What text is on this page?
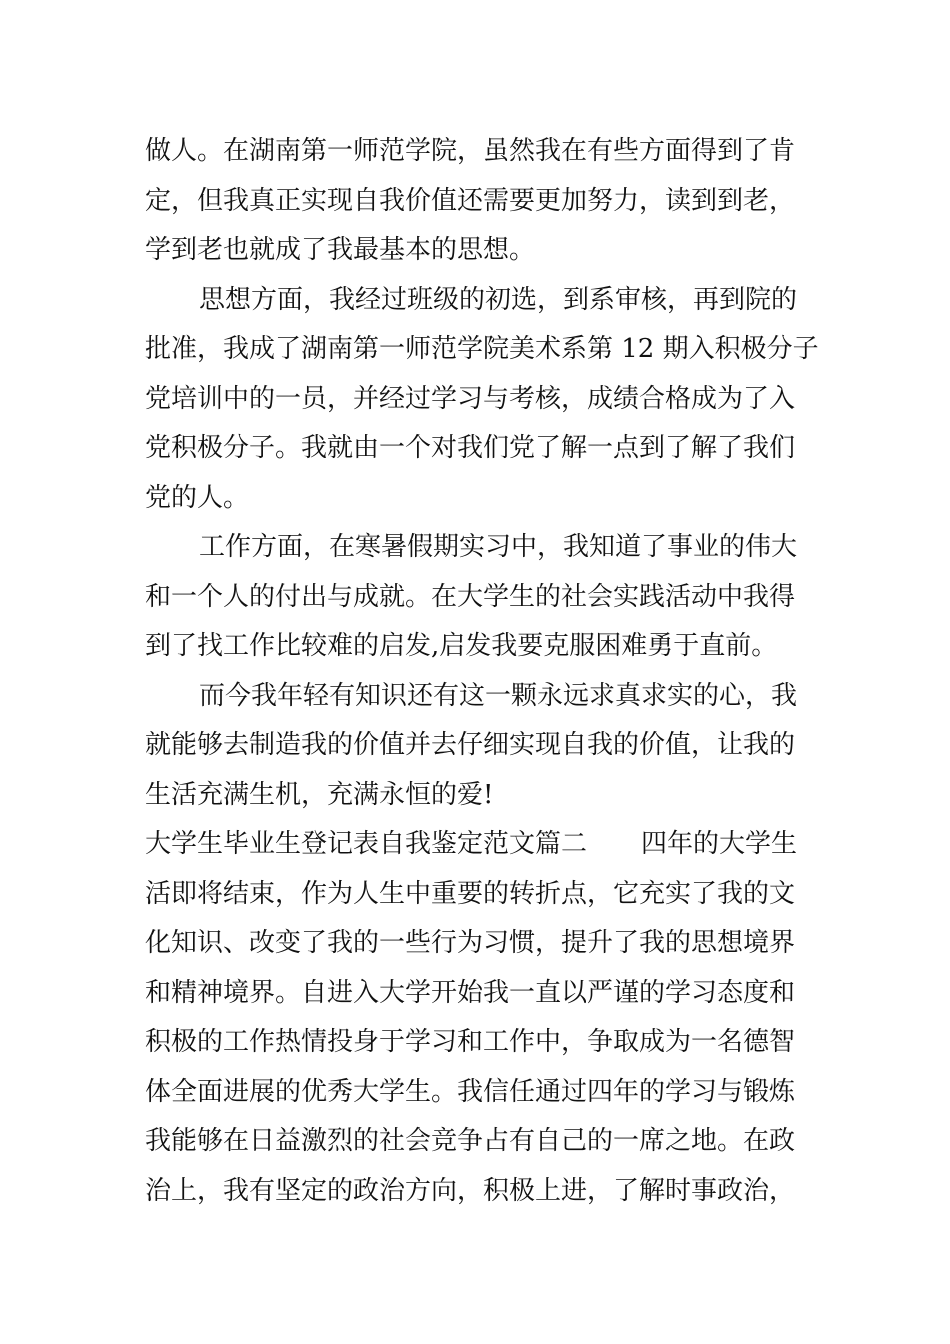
做人。在湖南第一师范学院，虽然我在有些方面得到了肯
定，但我真正实现自我价值还需要更加努力，读到到老，
学到老也就成了我最基本的思想。
思想方面，我经过班级的初选，到系审核，再到院的
批准，我成了湖南第一师范学院美术系第 12 期入积极分子
党培训中的一员，并经过学习与考核，成绩合格成为了入
党积极分子。我就由一个对我们党了解一点到了解了我们
党的人。
工作方面，在寒暑假期实习中，我知道了事业的伟大
和一个人的付出与成就。在大学生的社会实践活动中我得
到了找工作比较难的启发,启发我要克服困难勇于直前。
而今我年轻有知识还有这一颗永远求真求实的心，我
就能够去制造我的价值并去仔细实现自我的价值，让我的
生活充满生机，充满永恒的爱!
大学生毕业生登记表自我鉴定范文篇二 四年的大学生
活即将结束，作为人生中重要的转折点，它充实了我的文
化知识、改变了我的一些行为习惯，提升了我的思想境界
和精神境界。自进入大学开始我一直以严谨的学习态度和
积极的工作热情投身于学习和工作中，争取成为一名德智
体全面进展的优秀大学生。我信任通过四年的学习与锻炼
我能够在日益激烈的社会竞争占有自己的一席之地。在政
治上，我有坚定的政治方向，积极上进，了解时事政治，
